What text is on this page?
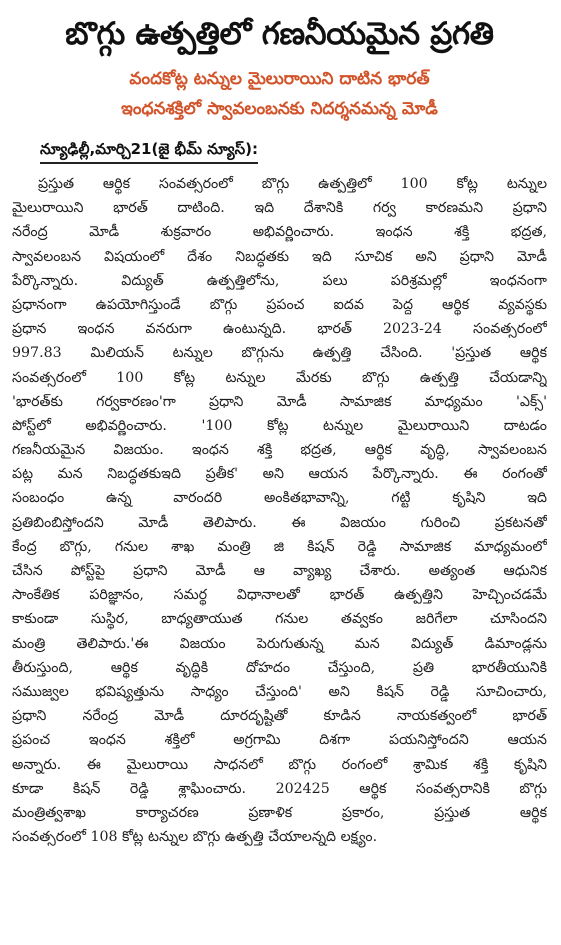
బొగ్గు ఉత్పత్తిలో గణనీయమైన ప్రగతి
వందకోట్ల టన్నుల మైలురాయిని దాటిన భారత్
ఇంధనశక్తిలో స్వావలంబనకు నిదర్శనమన్న మోడీ
న్యూఢిల్లీ,మార్చి21(జై భీమ్ న్యూస్):
ప్రస్తుత ఆర్థిక సంవత్సరంలో బొగ్గు ఉత్పత్తిలో 100 కోట్ల టన్నుల
మైలురాయిని భారత్ దాటింది. ఇది దేశానికి గర్వ కారణమని ప్రధాని
నరేంద్ర మోడీ శుక్రవారం అభివర్ణించారు. ఇంధన శక్తి భద్రత,
స్వావలంబన విషయంలో దేశం నిబద్ధతకు ఇది సూచిక అని ప్రధాని మోడీ
పేర్కొన్నారు. విద్యుత్ ఉత్పత్తిలోను, పలు పరిశ్రమల్లో ఇంధనంగా
ప్రధానంగా ఉపయోగిస్తుండే బొగ్గు ప్రపంచ ఐదవ పెద్ద ఆర్థిక వ్యవస్థకు
ప్రధాన ఇంధన వనరుగా ఉంటున్నది. భారత్ 2023-24 సంవత్సరంలో
997.83 మిలియన్ టన్నుల బొగ్గును ఉత్పత్తి చేసింది. 'ప్రస్తుత ఆర్థిక
సంవత్సరంలో 100 కోట్ల టన్నుల మేరకు బొగ్గు ఉత్పత్తి చేయడాన్ని
'భారత్‌కు గర్వకారణం'గా ప్రధాని మోడీ సామాజిక మాధ్యమం 'ఎక్స్'
పోస్ట్‌లో అభివర్ణించారు. '100 కోట్ల టన్నుల మైలురాయిని దాటడం
గణనీయమైన విజయం. ఇంధన శక్తి భద్రత, ఆర్థిక వృద్ధి, స్వావలంబన
పట్ల మన నిబద్ధతకుఇది ప్రతీక' అని ఆయన పేర్కొన్నారు. ఈ రంగంతో
సంబంధం ఉన్న వారందరి అంకితభావాన్ని, గట్టి కృషిని ఇది
ప్రతిబింబిస్తోందని మోడీ తెలిపారు. ఈ విజయం గురించి ప్రకటనతో
కేంద్ర బొగ్గు, గనుల శాఖ మంత్రి జి కిషన్ రెడ్డి సామాజిక మాధ్యమంలో
చేసిన పోస్ట్‌పై ప్రధాని మోడీ ఆ వ్యాఖ్య చేశారు. అత్యంత ఆధునిక
సాంకేతిక పరిజ్ఞానం, సమర్థ విధానాలతో భారత్ ఉత్పత్తిని హెచ్చించడమే
కాకుండా సుస్థిర, బాధ్యతాయుత గనుల తవ్వకం జరిగేలా చూసిందని
మంత్రి తెలిపారు.'ఈ విజయం పెరుగుతున్న మన విద్యుత్ డిమాండ్లను
తీరుస్తుంది, ఆర్థిక వృద్ధికి దోహదం చేస్తుంది, ప్రతి భారతీయునికి
సముజ్వల భవిష్యత్తును సాధ్యం చేస్తుంది' అని కిషన్ రెడ్డి సూచించారు,
ప్రధాని నరేంద్ర మోడీ దూరదృష్టితో కూడిన నాయకత్వంలో భారత్
ప్రపంచ ఇంధన శక్తిలో అగ్రగామి దిశగా పయనిస్తోందని ఆయన
అన్నారు. ఈ మైలురాయి సాధనలో బొగ్గు రంగంలో శ్రామిక శక్తి కృషిని
కూడా కిషన్ రెడ్డి శ్లాఘించారు. 202425 ఆర్థిక సంవత్సరానికి బొగ్గు
మంత్రిత్వశాఖ కార్యాచరణ ప్రణాళిక ప్రకారం, ప్రస్తుత ఆర్థిక
సంవత్సరంలో 108 కోట్ల టన్నుల బొగ్గు ఉత్పత్తి చేయాలన్నది లక్ష్యం.
